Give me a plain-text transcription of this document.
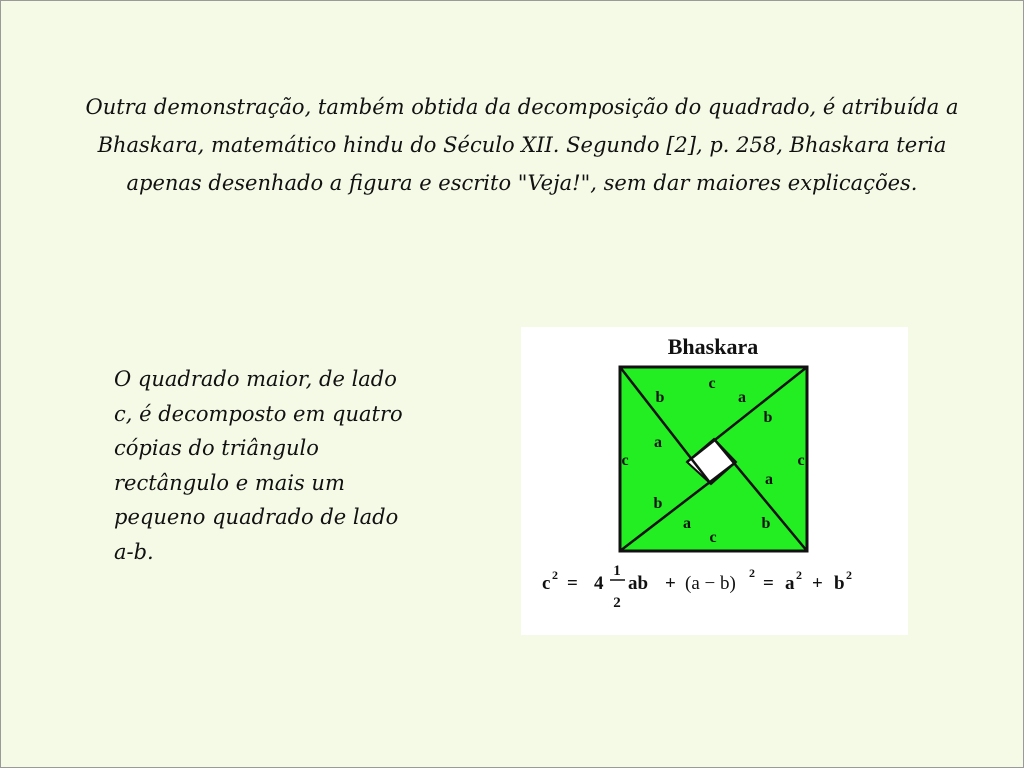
Outra demonstração, também obtida da decomposição do quadrado, é atribuída a Bhaskara, matemático hindu do Século XII. Segundo [2], p. 258, Bhaskara teria apenas desenhado a figura e escrito "Veja!", sem dar maiores explicações.

O quadrado maior, de lado c, é decomposto em quatro cópias do triângulo rectângulo e mais um pequeno quadrado de lado a-b.

Bhaskara
b
c
a
b
a
c
b
c
a
a
c
b
c 2 = 4
1
2
ab + (a − b) 2 = a 2 + b 2
